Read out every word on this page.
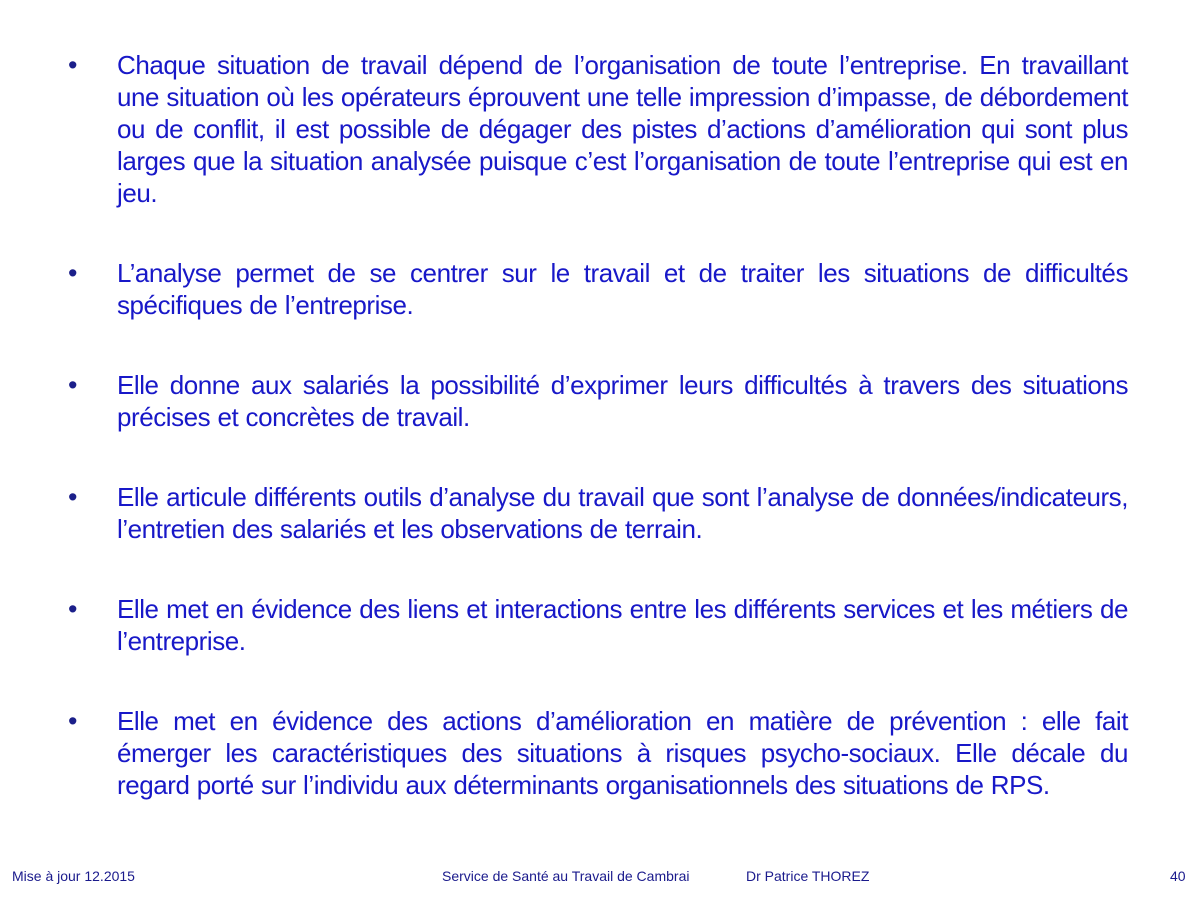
• Chaque situation de travail dépend de l’organisation de toute l’entreprise. En travaillant une situation où les opérateurs éprouvent une telle impression d’impasse, de débordement ou de conflit, il est possible de dégager des pistes d’actions d’amélioration qui sont plus larges que la situation analysée puisque c’est l’organisation de toute l’entreprise qui est en jeu.
• L’analyse permet de se centrer sur le travail et de traiter les situations de difficultés spécifiques de l’entreprise.
• Elle donne aux salariés la possibilité d’exprimer leurs difficultés à travers des situations précises et concrètes de travail.
• Elle articule différents outils d’analyse du travail que sont l’analyse de données/indicateurs, l’entretien des salariés et les observations de terrain.
• Elle met en évidence des liens et interactions entre les différents services et les métiers de l’entreprise.
• Elle met en évidence des actions d’amélioration en matière de prévention : elle fait émerger les caractéristiques des situations à risques psycho-sociaux. Elle décale du regard porté sur l’individu aux déterminants organisationnels des situations de RPS.
Mise à jour 12.2015	Service de Santé au Travail de Cambrai	Dr Patrice THOREZ	40
